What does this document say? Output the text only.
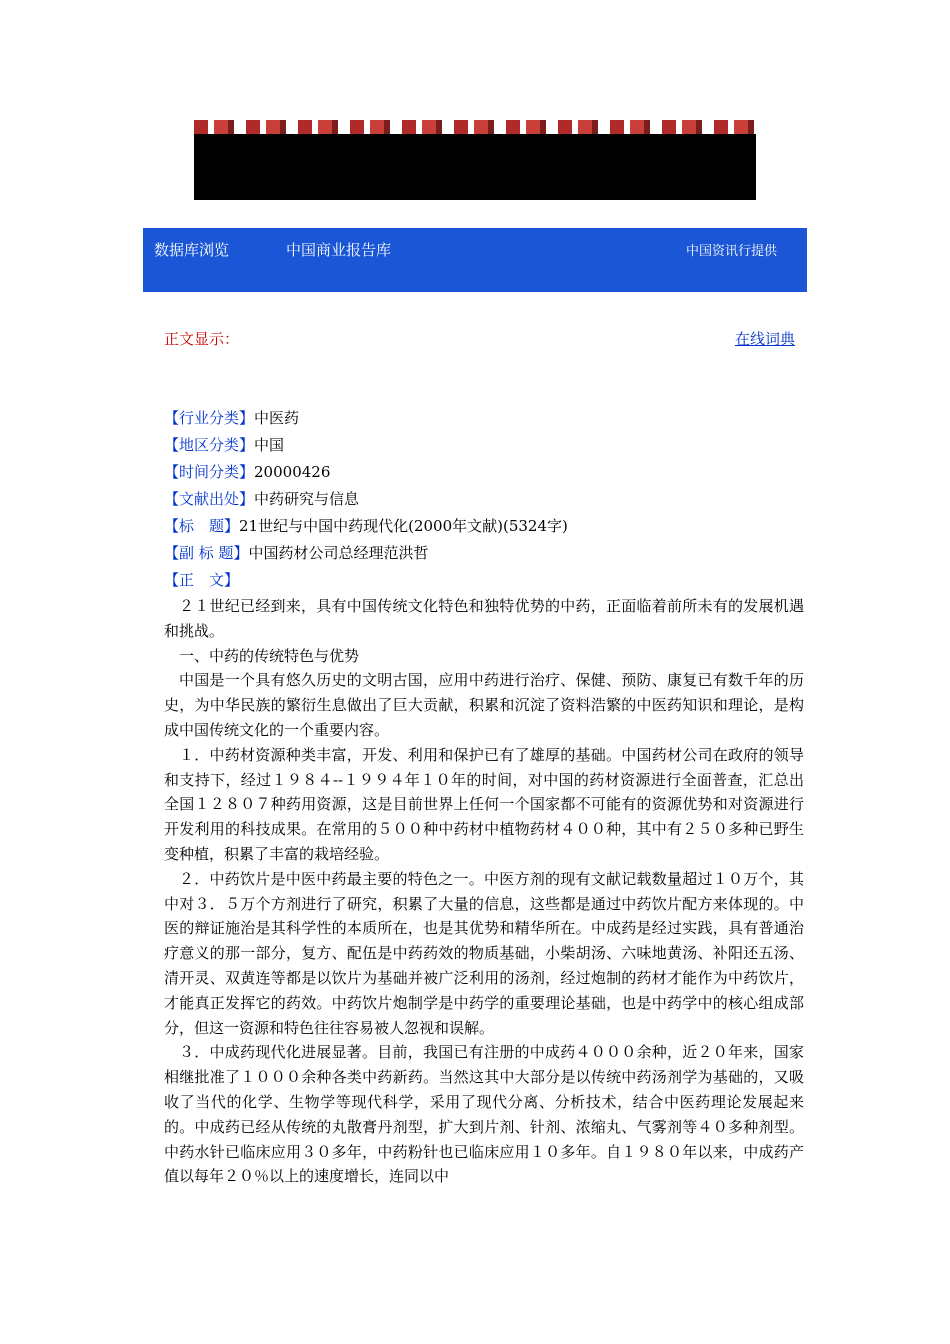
数据库浏览	中国商业报告库	中国资讯行提供
正文显示：	在线词典
【行业分类】中医药
【地区分类】中国
【时间分类】20000426
【文献出处】中药研究与信息
【标　题】21世纪与中国中药现代化(2000年文献)(5324字)
【副 标 题】中国药材公司总经理范洪哲
【正　文】

２１世纪已经到来，具有中国传统文化特色和独特优势的中药，正面临着前所未有的发展机遇和挑战。

一、中药的传统特色与优势

中国是一个具有悠久历史的文明古国，应用中药进行治疗、保健、预防、康复已有数千年的历史，为中华民族的繁衍生息做出了巨大贡献，积累和沉淀了资料浩繁的中医药知识和理论，是构成中国传统文化的一个重要内容。

１．中药材资源种类丰富，开发、利用和保护已有了雄厚的基础。中国药材公司在政府的领导和支持下，经过１９８４--１９９４年１０年的时间，对中国的药材资源进行全面普查，汇总出全国１２８０７种药用资源，这是目前世界上任何一个国家都不可能有的资源优势和对资源进行开发利用的科技成果。在常用的５００种中药材中植物药材４００种，其中有２５０多种已野生变种植，积累了丰富的栽培经验。

２．中药饮片是中医中药最主要的特色之一。中医方剂的现有文献记载数量超过１０万个，其中对３．５万个方剂进行了研究，积累了大量的信息，这些都是通过中药饮片配方来体现的。中医的辩证施治是其科学性的本质所在，也是其优势和精华所在。中成药是经过实践，具有普通治疗意义的那一部分，复方、配伍是中药药效的物质基础，小柴胡汤、六味地黄汤、补阳还五汤、清开灵、双黄连等都是以饮片为基础并被广泛利用的汤剂，经过炮制的药材才能作为中药饮片，才能真正发挥它的药效。中药饮片炮制学是中药学的重要理论基础，也是中药学中的核心组成部分，但这一资源和特色往往容易被人忽视和误解。

３．中成药现代化进展显著。目前，我国已有注册的中成药４０００余种，近２０年来，国家相继批准了１０００余种各类中药新药。当然这其中大部分是以传统中药汤剂学为基础的，又吸收了当代的化学、生物学等现代科学，采用了现代分离、分析技术，结合中医药理论发展起来的。中成药已经从传统的丸散膏丹剂型，扩大到片剂、针剂、浓缩丸、气雾剂等４０多种剂型。中药水针已临床应用３０多年，中药粉针也已临床应用１０多年。自１９８０年以来，中成药产值以每年２０％以上的速度增长，连同以中
